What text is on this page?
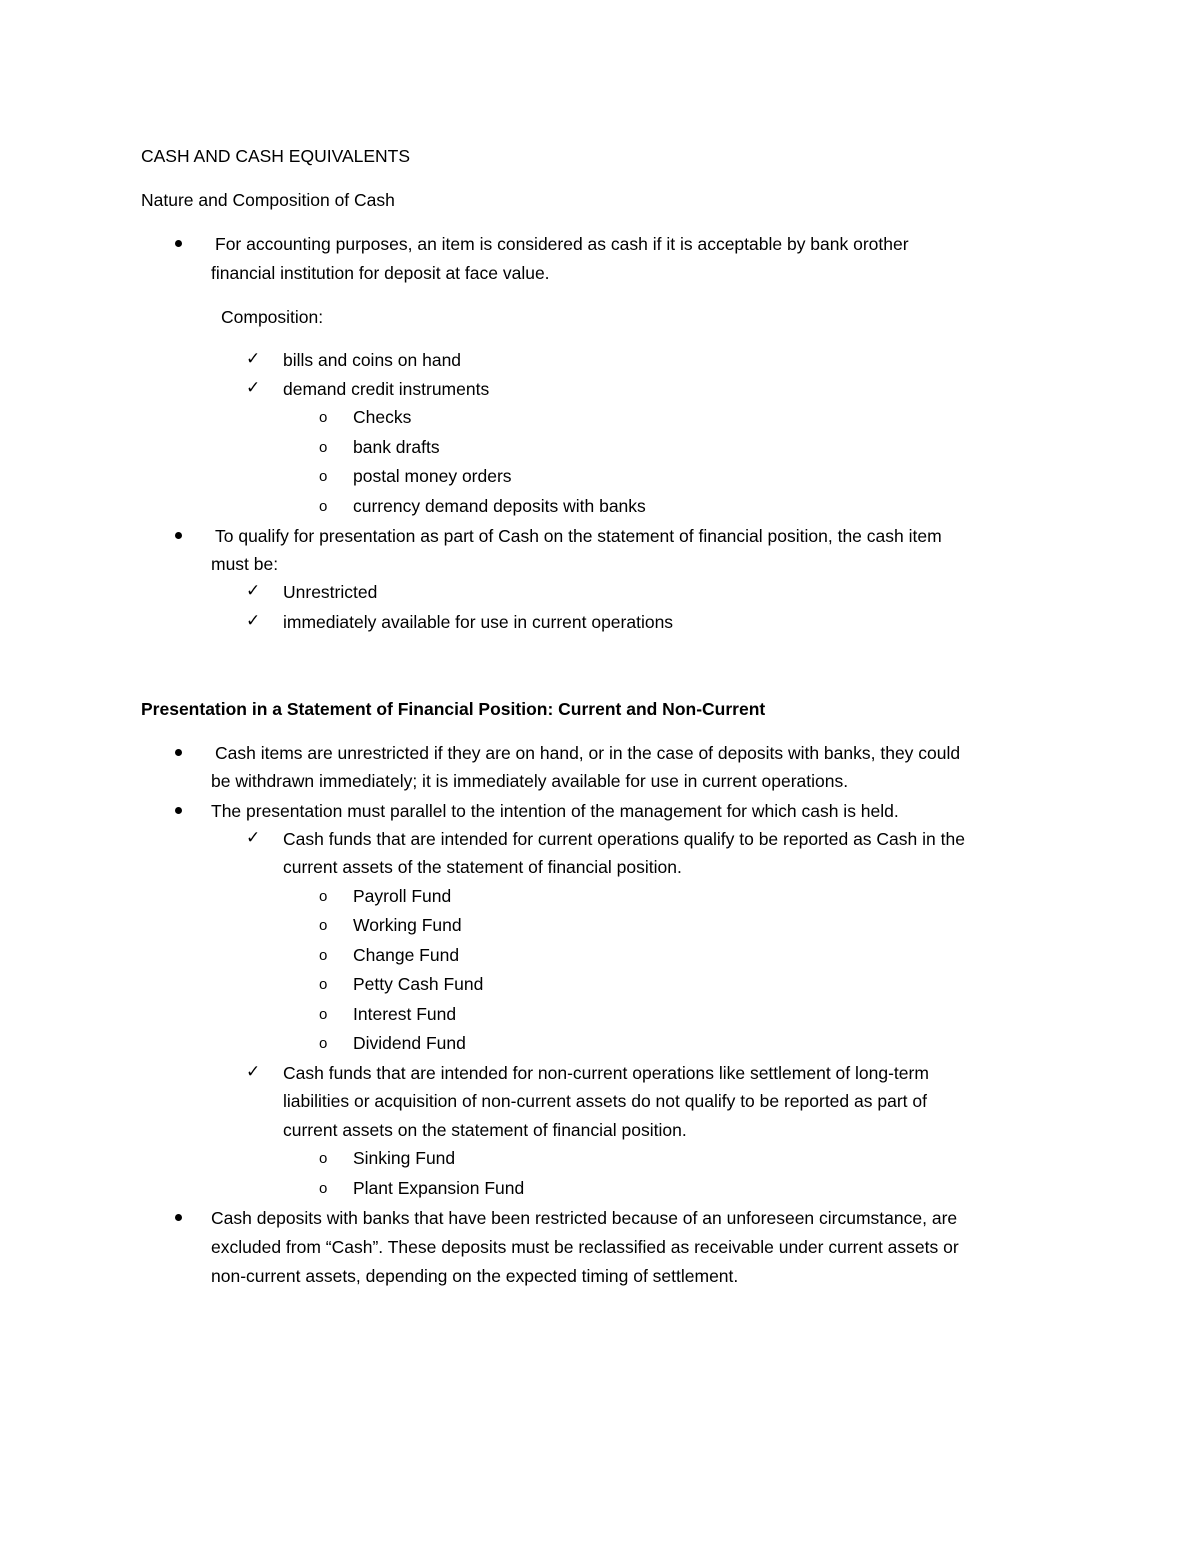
CASH AND CASH EQUIVALENTS
Nature and Composition of Cash
For accounting purposes, an item is considered as cash if it is acceptable by bank orother
financial institution for deposit at face value.
Composition:
✓ bills and coins on hand
✓ demand credit instruments
o Checks
o bank drafts
o postal money orders
o currency demand deposits with banks
To qualify for presentation as part of Cash on the statement of financial position, the cash item
must be:
✓ Unrestricted
✓ immediately available for use in current operations
Presentation in a Statement of Financial Position: Current and Non-Current
Cash items are unrestricted if they are on hand, or in the case of deposits with banks, they could
be withdrawn immediately; it is immediately available for use in current operations.
The presentation must parallel to the intention of the management for which cash is held.
✓ Cash funds that are intended for current operations qualify to be reported as Cash in the
current assets of the statement of financial position.
o Payroll Fund
o Working Fund
o Change Fund
o Petty Cash Fund
o Interest Fund
o Dividend Fund
✓ Cash funds that are intended for non-current operations like settlement of long-term
liabilities or acquisition of non-current assets do not qualify to be reported as part of
current assets on the statement of financial position.
o Sinking Fund
o Plant Expansion Fund
Cash deposits with banks that have been restricted because of an unforeseen circumstance, are
excluded from “Cash”. These deposits must be reclassified as receivable under current assets or
non-current assets, depending on the expected timing of settlement.
